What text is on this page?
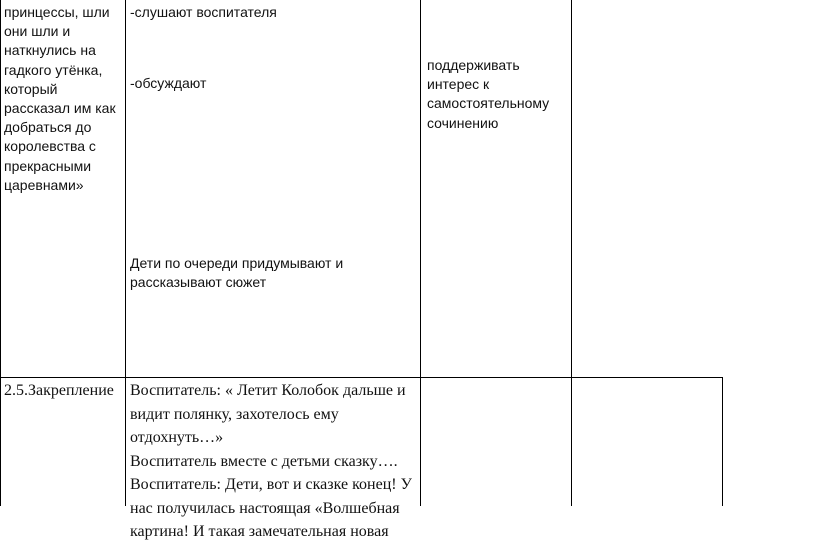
принцессы, шли
они шли и
наткнулись на
гадкого утёнка,
который
рассказал им как
добраться до
королевства с
прекрасными
царевнами»
-слушают воспитателя
-обсуждают
Дети по очереди придумывают и
рассказывают сюжет
поддерживать
интерес к
самостоятельному
сочинению
2.5.Закрепление	Воспитатель: « Летит Колобок дальше и
видит полянку, захотелось ему
отдохнуть…»
Воспитатель вместе с детьми сказку….
Воспитатель: Дети, вот и сказке конец! У
нас получилась настоящая «Волшебная
картина! И такая замечательная новая
